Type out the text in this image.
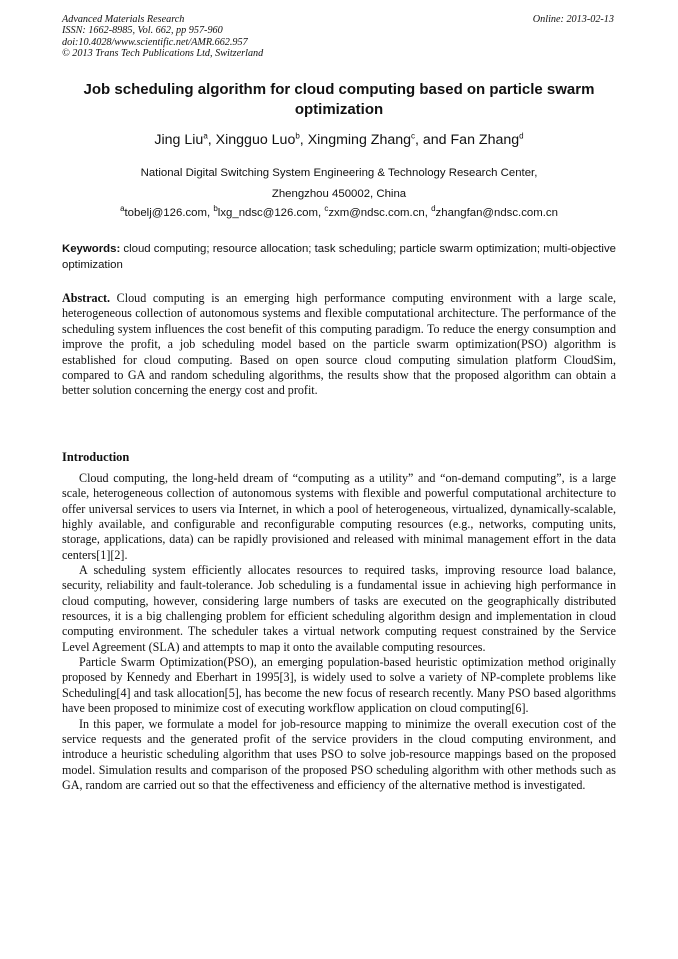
Advanced Materials Research
ISSN: 1662-8985, Vol. 662, pp 957-960
doi:10.4028/www.scientific.net/AMR.662.957
© 2013 Trans Tech Publications Ltd, Switzerland
Online: 2013-02-13
Job scheduling algorithm for cloud computing based on particle swarm optimization
Jing Liu$^a$, Xingguo Luo$^b$, Xingming Zhang$^c$, and Fan Zhang$^d$
National Digital Switching System Engineering & Technology Research Center,
Zhengzhou 450002, China
$^a$tobelj@126.com, $^b$lxg_ndsc@126.com, $^c$zxm@ndsc.com.cn, $^d$zhangfan@ndsc.com.cn
Keywords: cloud computing; resource allocation; task scheduling; particle swarm optimization; multi-objective optimization

Abstract. Cloud computing is an emerging high performance computing environment with a large scale, heterogeneous collection of autonomous systems and flexible computational architecture. The performance of the scheduling system influences the cost benefit of this computing paradigm. To reduce the energy consumption and improve the profit, a job scheduling model based on the particle swarm optimization(PSO) algorithm is established for cloud computing. Based on open source cloud computing simulation platform CloudSim, compared to GA and random scheduling algorithms, the results show that the proposed algorithm can obtain a better solution concerning the energy cost and profit.

Introduction

Cloud computing, the long-held dream of “computing as a utility” and “on-demand computing”, is a large scale, heterogeneous collection of autonomous systems with flexible and powerful computational architecture to offer universal services to users via Internet, in which a pool of heterogeneous, virtualized, dynamically-scalable, highly available, and configurable and reconfigurable computing resources (e.g., networks, computing units, storage, applications, data) can be rapidly provisioned and released with minimal management effort in the data centers[1][2].

A scheduling system efficiently allocates resources to required tasks, improving resource load balance, security, reliability and fault-tolerance. Job scheduling is a fundamental issue in achieving high performance in cloud computing, however, considering large numbers of tasks are executed on the geographically distributed resources, it is a big challenging problem for efficient scheduling algorithm design and implementation in cloud computing environment. The scheduler takes a virtual network computing request constrained by the Service Level Agreement (SLA) and attempts to map it onto the available computing resources.

Particle Swarm Optimization(PSO), an emerging population-based heuristic optimization method originally proposed by Kennedy and Eberhart in 1995[3], is widely used to solve a variety of NP-complete problems like Scheduling[4] and task allocation[5], has become the new focus of research recently. Many PSO based algorithms have been proposed to minimize cost of executing workflow application on cloud computing[6].

In this paper, we formulate a model for job-resource mapping to minimize the overall execution cost of the service requests and the generated profit of the service providers in the cloud computing environment, and introduce a heuristic scheduling algorithm that uses PSO to solve job-resource mappings based on the proposed model. Simulation results and comparison of the proposed PSO scheduling algorithm with other methods such as GA, random are carried out so that the effectiveness and efficiency of the alternative method is investigated.
